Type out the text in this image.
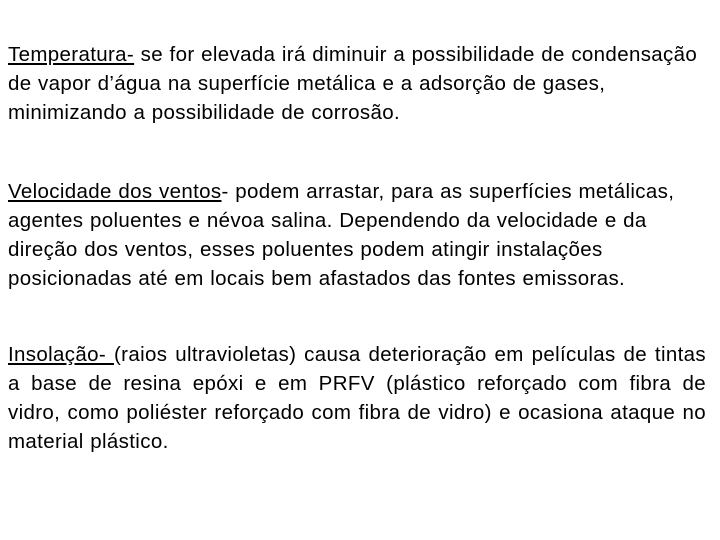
Temperatura- se for elevada irá diminuir a possibilidade de condensação de vapor d’água na superfície metálica e a adsorção de gases, minimizando a possibilidade de corrosão.

Velocidade dos ventos- podem arrastar, para as superfícies metálicas, agentes poluentes e névoa salina. Dependendo da velocidade e da direção dos ventos, esses poluentes podem atingir instalações posicionadas até em locais bem afastados das fontes emissoras.

Insolação- (raios ultravioletas) causa deterioração em películas de tintas a base de resina epóxi e em PRFV (plástico reforçado com fibra de vidro, como poliéster reforçado com fibra de vidro) e ocasiona ataque no material plástico.
